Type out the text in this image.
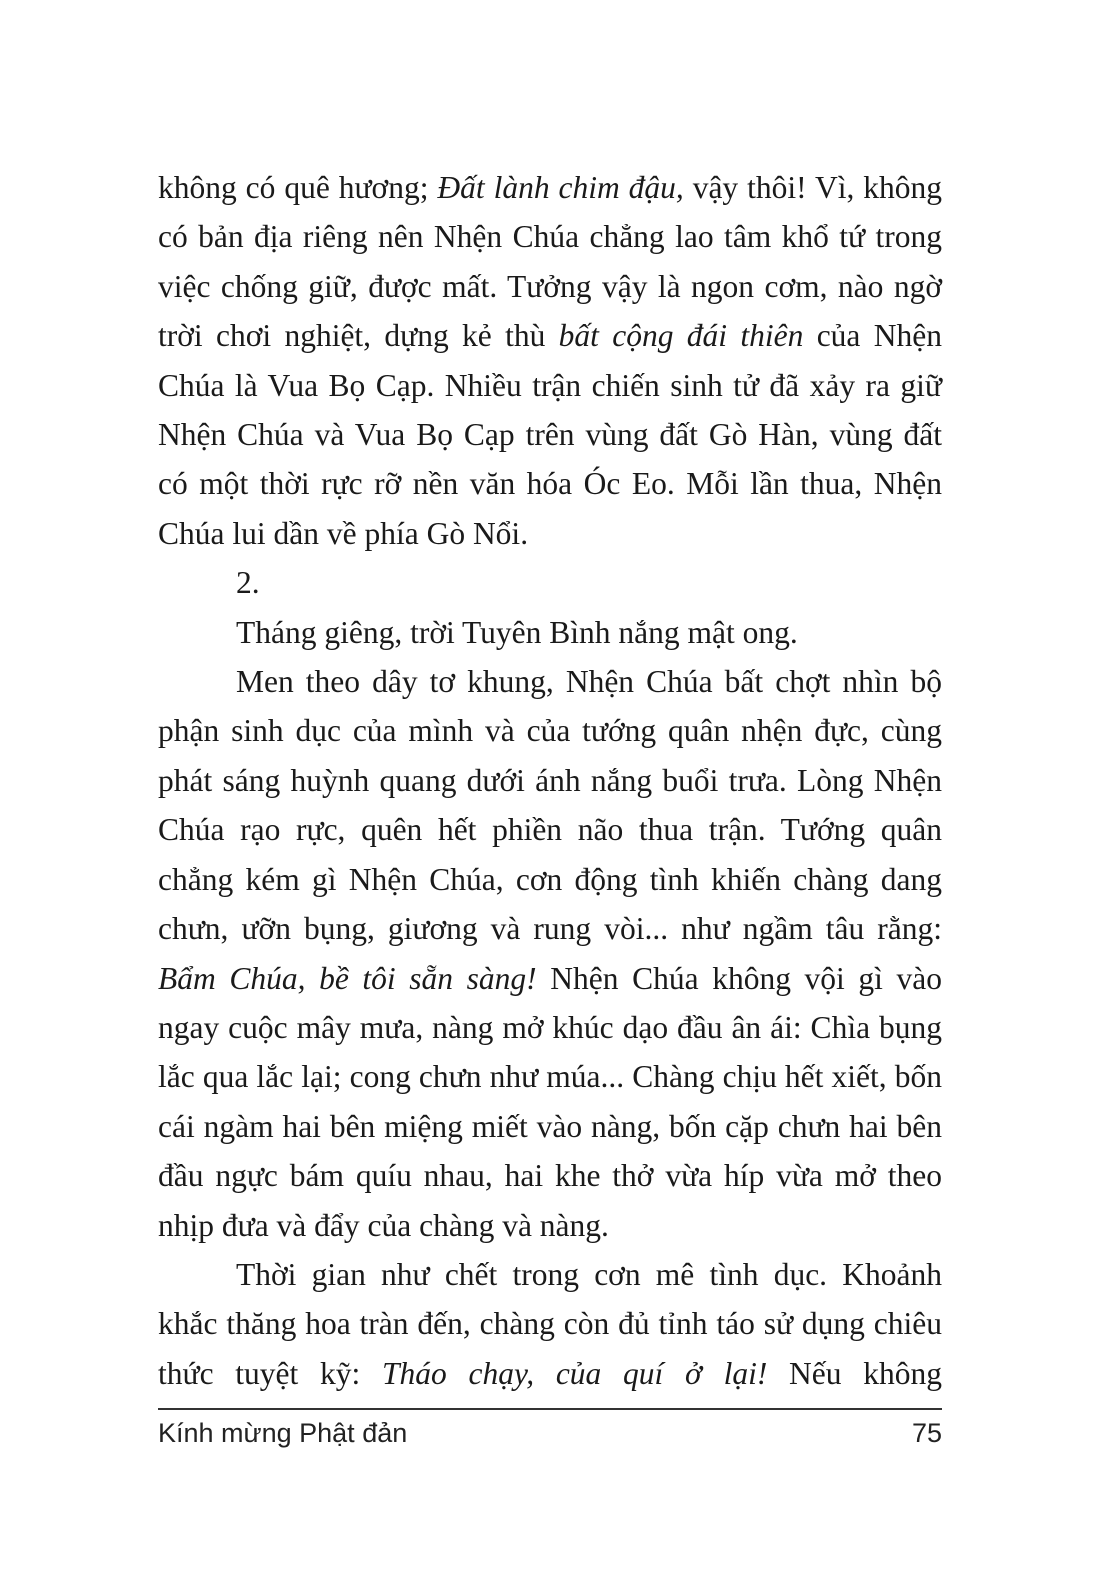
không có quê hương; Đất lành chim đậu, vậy thôi! Vì, không có bản địa riêng nên Nhện Chúa chẳng lao tâm khổ tứ trong việc chống giữ, được mất. Tưởng vậy là ngon cơm, nào ngờ trời chơi nghiệt, dựng kẻ thù bất cộng đái thiên của Nhện Chúa là Vua Bọ Cạp. Nhiều trận chiến sinh tử đã xảy ra giữ Nhện Chúa và Vua Bọ Cạp trên vùng đất Gò Hàn, vùng đất có một thời rực rỡ nền văn hóa Óc Eo. Mỗi lần thua, Nhện Chúa lui dần về phía Gò Nổi.

2.

Tháng giêng, trời Tuyên Bình nắng mật ong.

Men theo dây tơ khung, Nhện Chúa bất chợt nhìn bộ phận sinh dục của mình và của tướng quân nhện đực, cùng phát sáng huỳnh quang dưới ánh nắng buổi trưa. Lòng Nhện Chúa rạo rực, quên hết phiền não thua trận. Tướng quân chẳng kém gì Nhện Chúa, cơn động tình khiến chàng dang chưn, ưỡn bụng, giương và rung vòi... như ngầm tâu rằng: Bẩm Chúa, bề tôi sẵn sàng! Nhện Chúa không vội gì vào ngay cuộc mây mưa, nàng mở khúc dạo đầu ân ái: Chìa bụng lắc qua lắc lại; cong chưn như múa... Chàng chịu hết xiết, bốn cái ngàm hai bên miệng miết vào nàng, bốn cặp chưn hai bên đầu ngực bám quíu nhau, hai khe thở vừa híp vừa mở theo nhịp đưa và đẩy của chàng và nàng.

Thời gian như chết trong cơn mê tình dục. Khoảnh khắc thăng hoa tràn đến, chàng còn đủ tỉnh táo sử dụng chiêu thức tuyệt kỹ: Tháo chạy, của quí ở lại! Nếu không

Kính mừng Phật đản	75
